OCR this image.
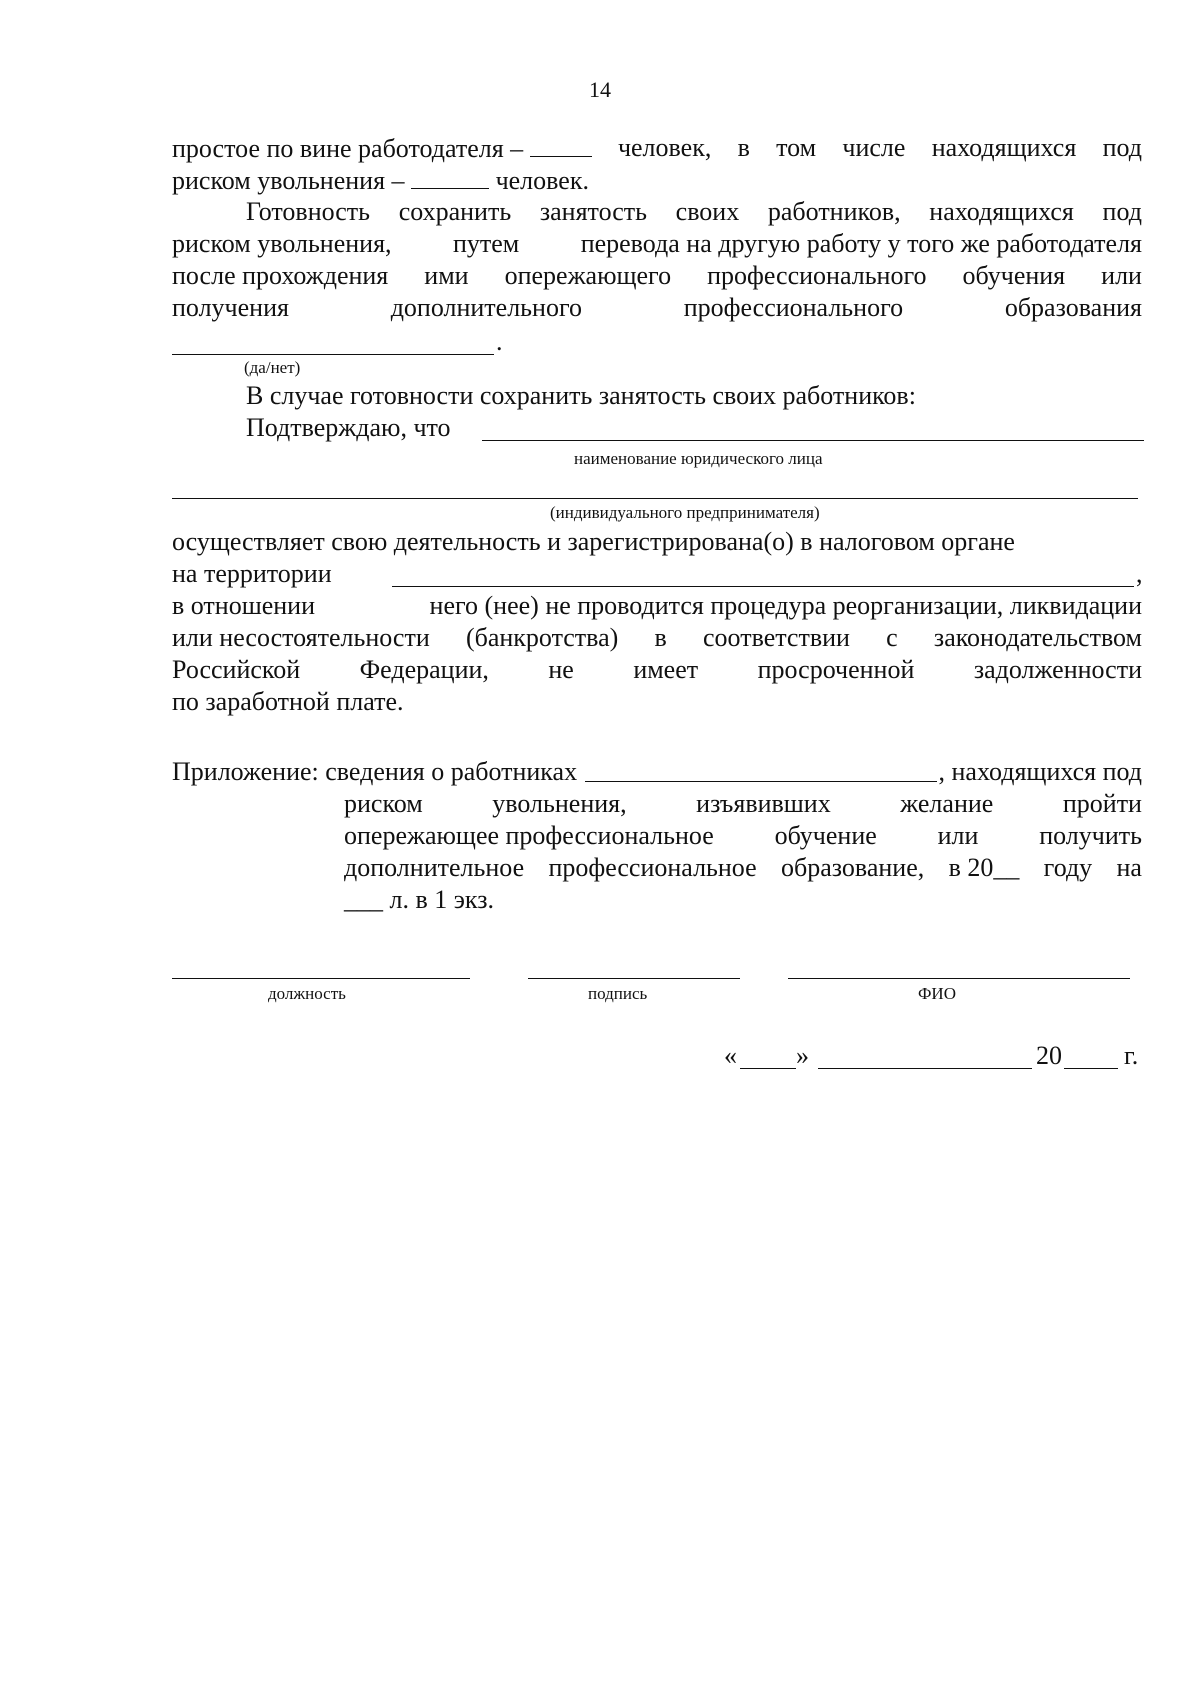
14
простое по вине работодателя –	человек, в том числе находящихся под
риском увольнения –	человек.
Готовность сохранить занятость своих работников, находящихся под
риском увольнения, путем перевода на другую работу у того же работодателя
после прохождения ими опережающего профессионального обучения или
получения	дополнительного	профессионального	образования
.
(да/нет)
В случае готовности сохранить занятость своих работников:
Подтверждаю, что
наименование юридического лица
(индивидуального предпринимателя)
осуществляет свою деятельность и зарегистрирована(о) в налоговом органе
на территории	,
в отношении	него (нее) не проводится процедура реорганизации, ликвидации
или несостоятельности (банкротства) в соответствии с законодательством
Российской Федерации, не имеет просроченной задолженности
по заработной плате.
Приложение: сведения о работниках	, находящихся под
риском	увольнения,	изъявивших	желание	пройти
опережающее профессиональное обучение или получить
дополнительное профессиональное образование, в 20__ году на
___ л. в 1 экз.
должность	подпись	ФИО
« »	20 г.
